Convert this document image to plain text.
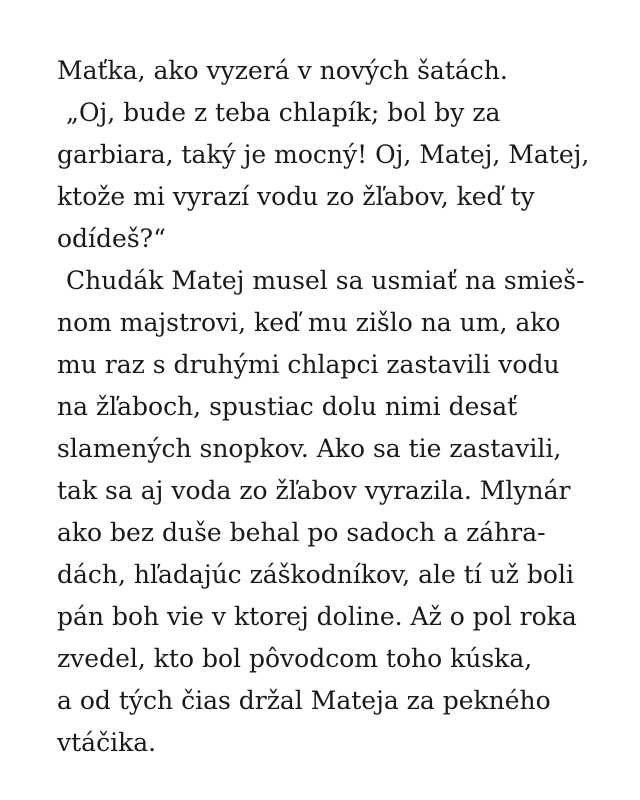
Maťka, ako vyzerá v nových šatách.
„Oj, bude z teba chlapík; bol by za
garbiara, taký je mocný! Oj, Matej, Matej,
ktože mi vyrazí vodu zo žľabov, keď ty
odídeš?“
Chudák Matej musel sa usmiať na smieš-
nom majstrovi, keď mu zišlo na um, ako
mu raz s druhými chlapci zastavili vodu
na žľaboch, spustiac dolu nimi desať
slamených snopkov. Ako sa tie zastavili,
tak sa aj voda zo žľabov vyrazila. Mlynár
ako bez duše behal po sadoch a záhra-
dách, hľadajúc záškodníkov, ale tí už boli
pán boh vie v ktorej doline. Až o pol roka
zvedel, kto bol pôvodcom toho kúska,
a od tých čias držal Mateja za pekného
vtáčika.
